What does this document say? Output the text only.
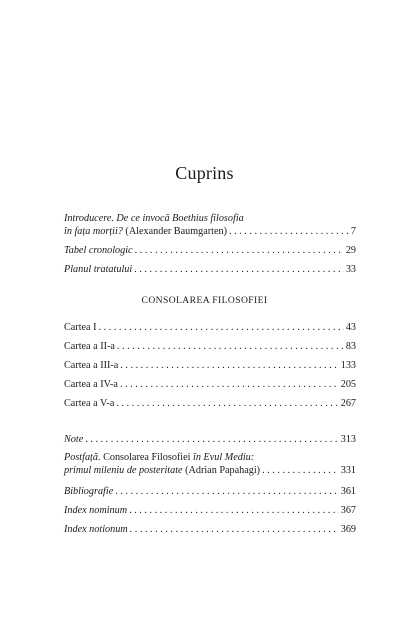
Cuprins
Introducere. De ce invocă Boethius filosofia
în fața morții? (Alexander Baumgarten) . . .	7
Tabel cronologic . . .	29
Planul tratatului . . .	33
CONSOLAREA FILOSOFIEI
Cartea I . . .	43
Cartea a II-a . . .	83
Cartea a III-a . . .	133
Cartea a IV-a . . .	205
Cartea a V-a . . .	267
Note . . .	313
Postfață. Consolarea Filosofiei în Evul Mediu:
primul mileniu de posteritate (Adrian Papahagi) . . .	331
Bibliografie . . .	361
Index nominum . . .	367
Index notionum . . .	369
